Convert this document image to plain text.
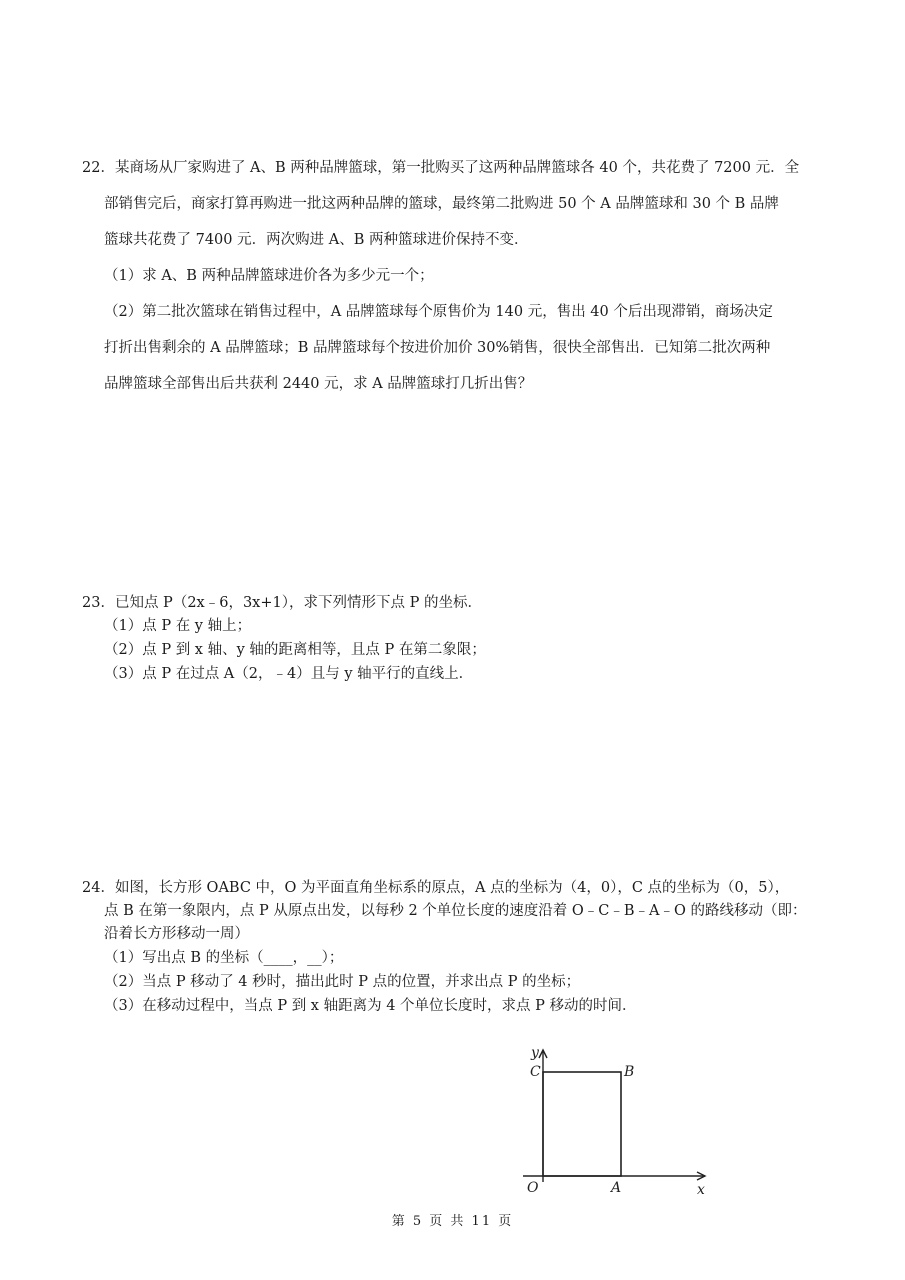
22．某商场从厂家购进了 A、B 两种品牌篮球，第一批购买了这两种品牌篮球各 40 个，共花费了 7200 元．全
部销售完后，商家打算再购进一批这两种品牌的篮球，最终第二批购进 50 个 A 品牌篮球和 30 个 B 品牌
篮球共花费了 7400 元．两次购进 A、B 两种篮球进价保持不变．
（1）求 A、B 两种品牌篮球进价各为多少元一个；
（2）第二批次篮球在销售过程中，A 品牌篮球每个原售价为 140 元，售出 40 个后出现滞销，商场决定
打折出售剩余的 A 品牌篮球；B 品牌篮球每个按进价加价 30%销售，很快全部售出．已知第二批次两种
品牌篮球全部售出后共获利 2440 元，求 A 品牌篮球打几折出售？
23．已知点 P（2x﹣6，3x+1），求下列情形下点 P 的坐标．
（1）点 P 在 y 轴上；
（2）点 P 到 x 轴、y 轴的距离相等，且点 P 在第二象限；
（3）点 P 在过点 A（2，﹣4）且与 y 轴平行的直线上．
24．如图，长方形 OABC 中，O 为平面直角坐标系的原点，A 点的坐标为（4，0），C 点的坐标为（0，5），
点 B 在第一象限内，点 P 从原点出发，以每秒 2 个单位长度的速度沿着 O﹣C﹣B﹣A﹣O 的路线移动（即：
沿着长方形移动一周）
（1）写出点 B 的坐标（____，__）；
（2）当点 P 移动了 4 秒时，描出此时 P 点的位置，并求出点 P 的坐标；
（3）在移动过程中，当点 P 到 x 轴距离为 4 个单位长度时，求点 P 移动的时间．
y
C	B
O	A	x
第 5 页 共 11 页
